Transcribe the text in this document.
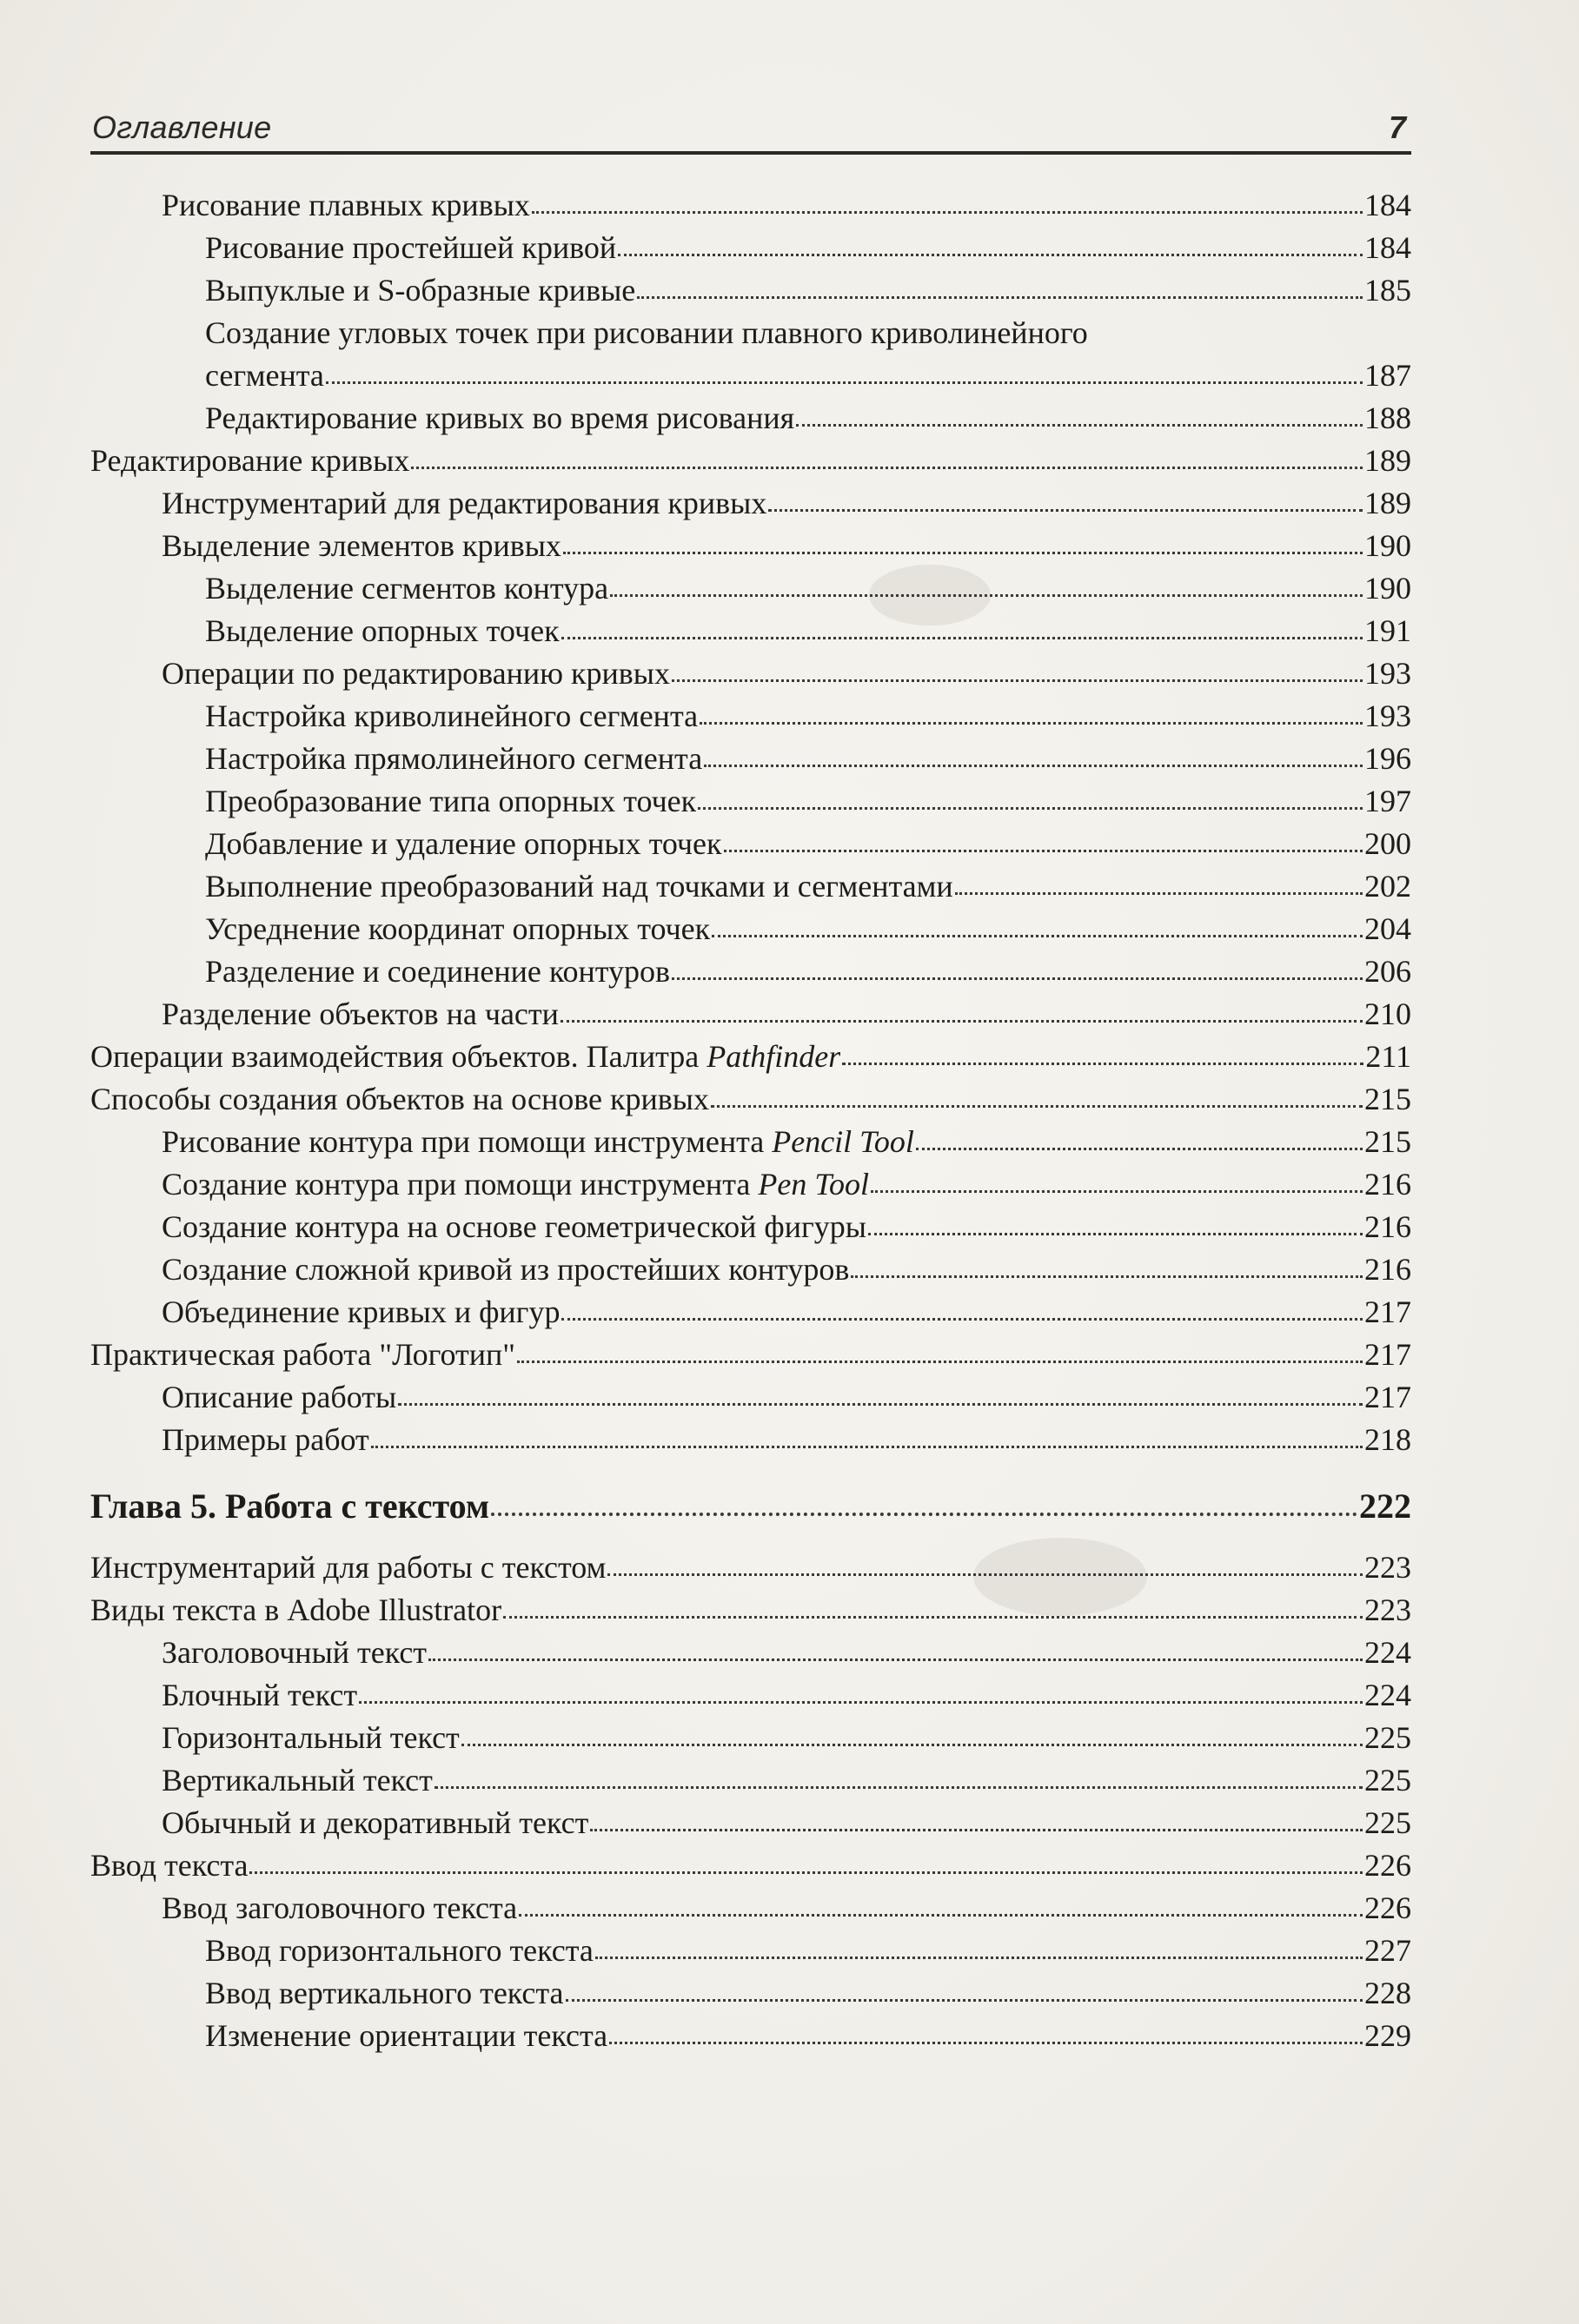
Оглавление	7
Рисование плавных кривых	184
Рисование простейшей кривой	184
Выпуклые и S-образные кривые	185
Создание угловых точек при рисовании плавного криволинейного
сегмента	187
Редактирование кривых во время рисования	188
Редактирование кривых	189
Инструментарий для редактирования кривых	189
Выделение элементов кривых	190
Выделение сегментов контура	190
Выделение опорных точек	191
Операции по редактированию кривых	193
Настройка криволинейного сегмента	193
Настройка прямолинейного сегмента	196
Преобразование типа опорных точек	197
Добавление и удаление опорных точек	200
Выполнение преобразований над точками и сегментами	202
Усреднение координат опорных точек	204
Разделение и соединение контуров	206
Разделение объектов на части	210
Операции взаимодействия объектов. Палитра Pathfinder	211
Способы создания объектов на основе кривых	215
Рисование контура при помощи инструмента Pencil Tool	215
Создание контура при помощи инструмента Pen Tool	216
Создание контура на основе геометрической фигуры	216
Создание сложной кривой из простейших контуров	216
Объединение кривых и фигур	217
Практическая работа "Логотип"	217
Описание работы	217
Примеры работ	218
Глава 5. Работа с текстом	222
Инструментарий для работы с текстом	223
Виды текста в Adobe Illustrator	223
Заголовочный текст	224
Блочный текст	224
Горизонтальный текст	225
Вертикальный текст	225
Обычный и декоративный текст	225
Ввод текста	226
Ввод заголовочного текста	226
Ввод горизонтального текста	227
Ввод вертикального текста	228
Изменение ориентации текста	229
